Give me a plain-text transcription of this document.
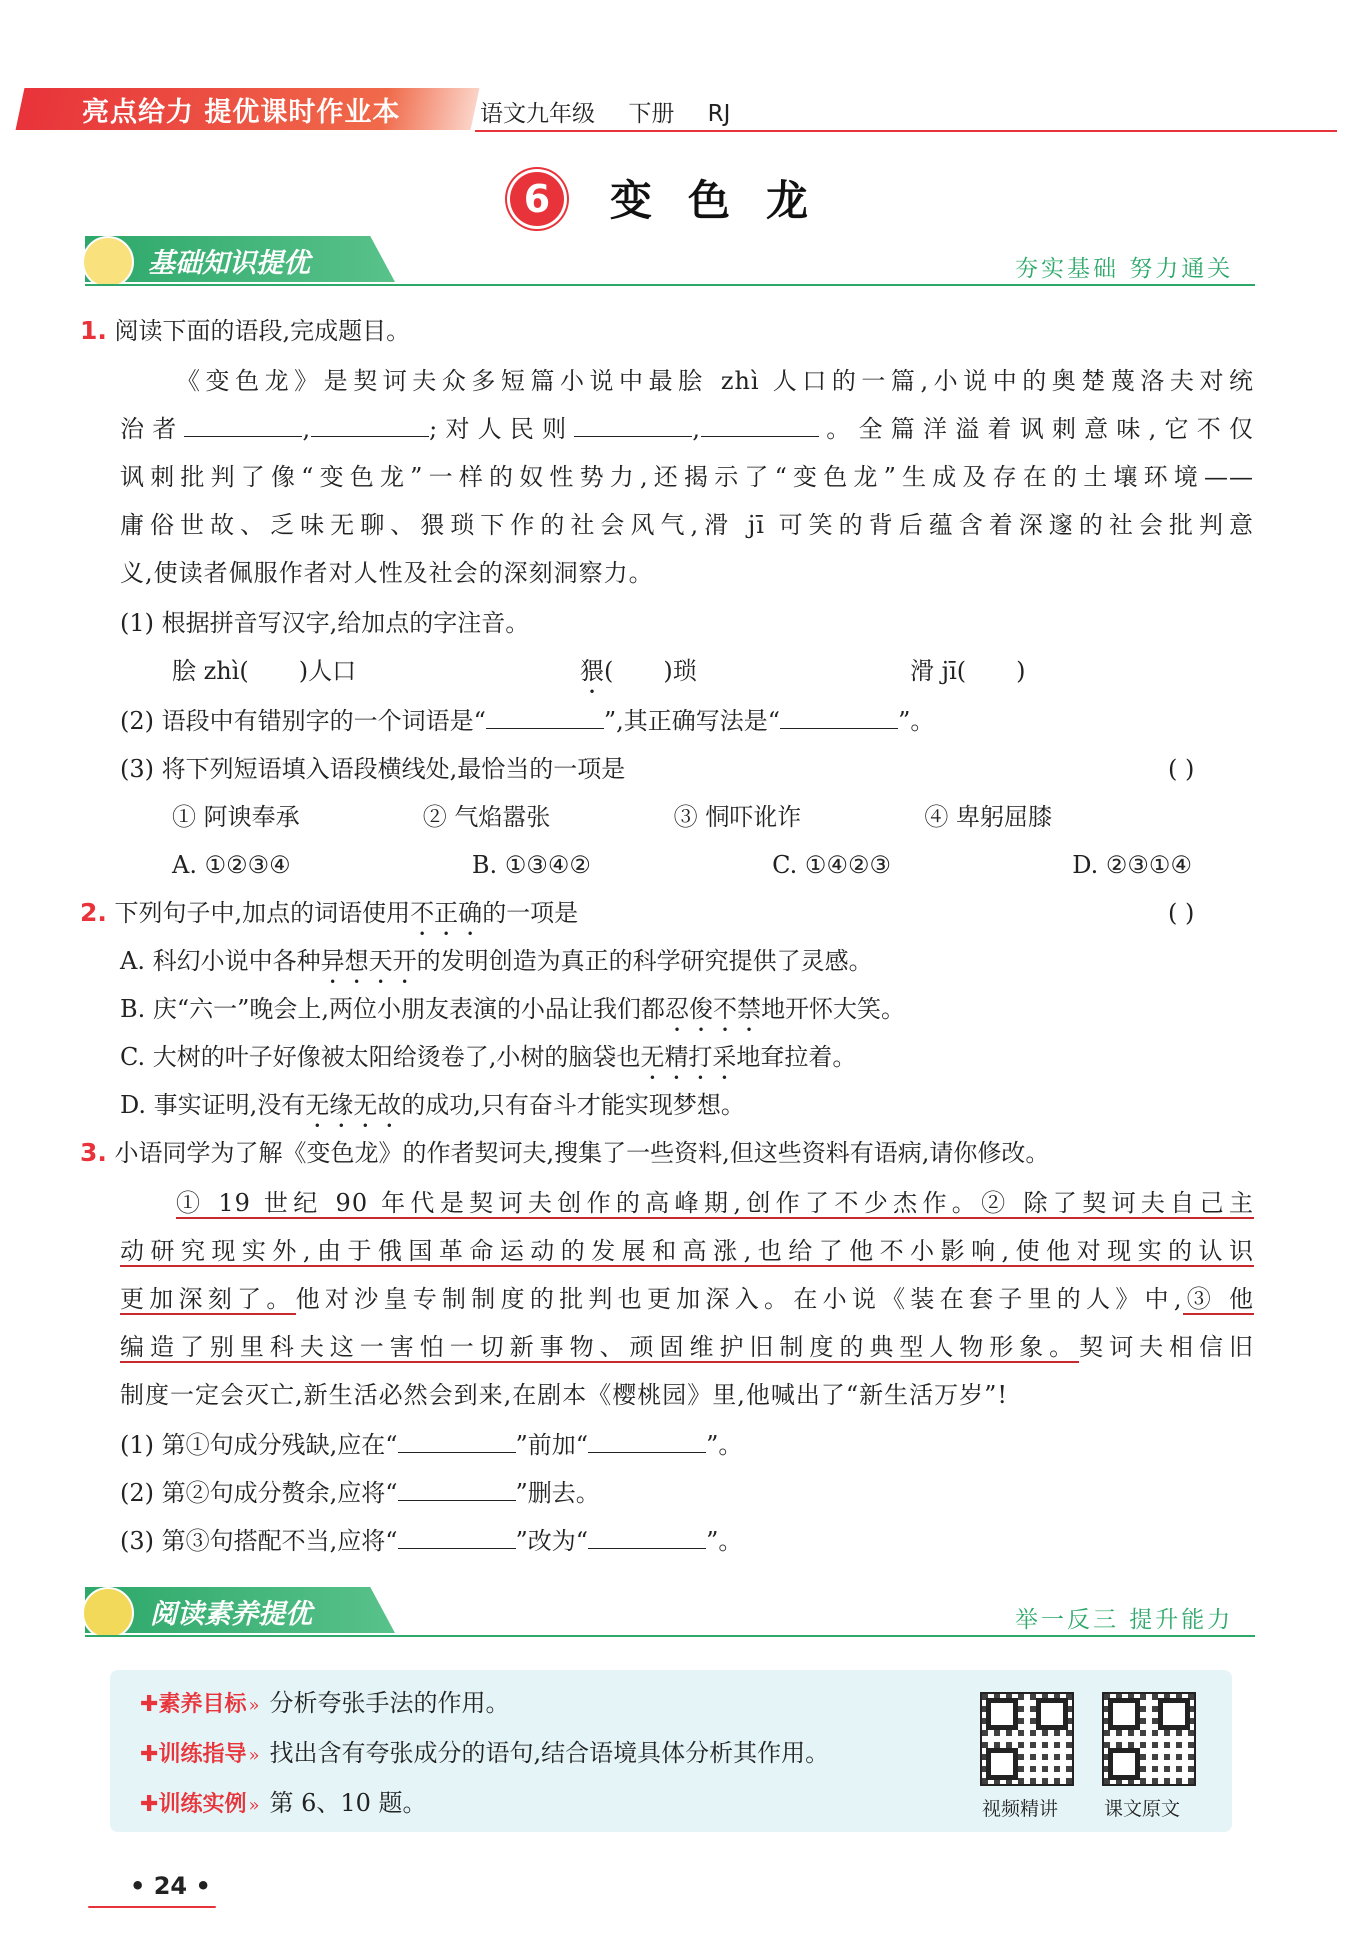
亮点给力 提优课时作业本	语文九年级 下册 RJ
6	变色龙
基础知识提优	夯实基础 努力通关
1. 阅读下面的语段,完成题目。
《变色龙》是契诃夫众多短篇小说中最脍 zhì 人口的一篇,小说中的奥楚蔑洛夫对统
治者	,	;对人民则	,	。全篇洋溢着讽刺意味,它不仅
讽刺批判了像“变色龙”一样的奴性势力,还揭示了“变色龙”生成及存在的土壤环境——
庸俗世故、乏味无聊、猥琐下作的社会风气,滑 jī 可笑的背后蕴含着深邃的社会批判意
义,使读者佩服作者对人性及社会的深刻洞察力。
(1) 根据拼音写汉字,给加点的字注音。
脍 zhì( )人口	猥( )琐	滑 jī( )
(2) 语段中有错别字的一个词语是“	”,其正确写法是“	”。
(3) 将下列短语填入语段横线处,最恰当的一项是	( )
① 阿谀奉承	② 气焰嚣张	③ 恫吓讹诈	④ 卑躬屈膝
A. ①②③④	B. ①③④②	C. ①④②③	D. ②③①④
2. 下列句子中,加点的词语使用不正确的一项是	( )
A. 科幻小说中各种异想天开的发明创造为真正的科学研究提供了灵感。
B. 庆“六一”晚会上,两位小朋友表演的小品让我们都忍俊不禁地开怀大笑。
C. 大树的叶子好像被太阳给烫卷了,小树的脑袋也无精打采地耷拉着。
D. 事实证明,没有无缘无故的成功,只有奋斗才能实现梦想。
3. 小语同学为了解《变色龙》的作者契诃夫,搜集了一些资料,但这些资料有语病,请你修改。
① 19 世纪 90 年代是契诃夫创作的高峰期,创作了不少杰作。② 除了契诃夫自己主
动研究现实外,由于俄国革命运动的发展和高涨,也给了他不小影响,使他对现实的认识
更加深刻了。他对沙皇专制制度的批判也更加深入。在小说《装在套子里的人》中,③ 他
编造了别里科夫这一害怕一切新事物、顽固维护旧制度的典型人物形象。契诃夫相信旧
制度一定会灭亡,新生活必然会到来,在剧本《樱桃园》里,他喊出了“新生活万岁”!
(1) 第①句成分残缺,应在“	”前加“	”。
(2) 第②句成分赘余,应将“	”删去。
(3) 第③句搭配不当,应将“	”改为“	”。
阅读素养提优	举一反三 提升能力
✚素养目标 » 分析夸张手法的作用。
✚训练指导 » 找出含有夸张成分的语句,结合语境具体分析其作用。
✚训练实例 » 第 6、10 题。	视频精讲 课文原文
• 24 •
